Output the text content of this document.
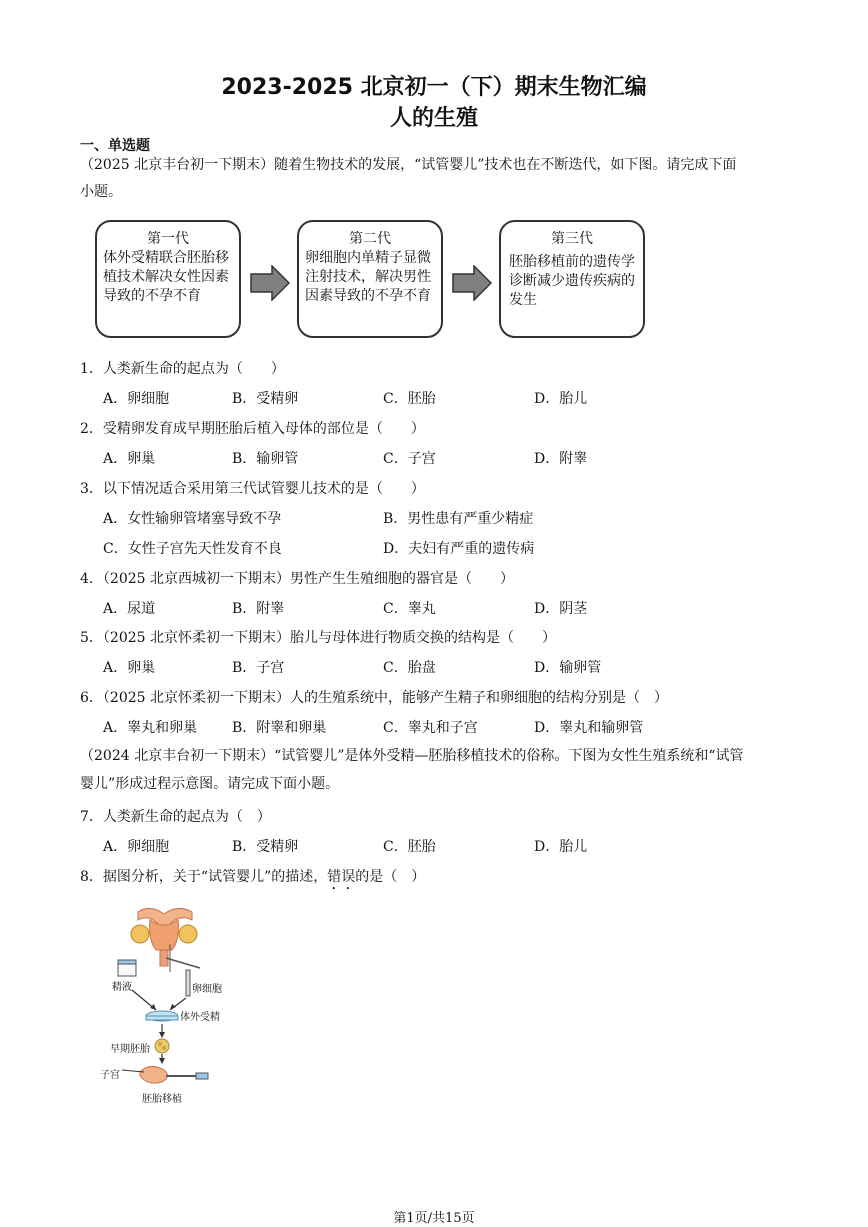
2023-2025 北京初一（下）期末生物汇编
人的生殖
一、单选题
（2025 北京丰台初一下期末）随着生物技术的发展，“试管婴儿”技术也在不断迭代，如下图。请完成下面
小题。
第一代
体外受精联合胚胎移植技术解决女性因素导致的不孕不育
第二代
卵细胞内单精子显微注射技术，解决男性因素导致的不孕不育
第三代
胚胎移植前的遗传学诊断减少遗传疾病的发生
1．人类新生命的起点为（　　）
A．卵细胞	B．受精卵	C．胚胎	D．胎儿
2．受精卵发育成早期胚胎后植入母体的部位是（　　）
A．卵巢	B．输卵管	C．子宫	D．附睾
3．以下情况适合采用第三代试管婴儿技术的是（　　）
A．女性输卵管堵塞导致不孕	B．男性患有严重少精症
C．女性子宫先天性发育不良	D．夫妇有严重的遗传病
4．（2025 北京西城初一下期末）男性产生生殖细胞的器官是（　　）
A．尿道	B．附睾	C．睾丸	D．阴茎
5．（2025 北京怀柔初一下期末）胎儿与母体进行物质交换的结构是（　　）
A．卵巢	B．子宫	C．胎盘	D．输卵管
6．（2025 北京怀柔初一下期末）人的生殖系统中，能够产生精子和卵细胞的结构分别是（　）
A．睾丸和卵巢 B．附睾和卵巢	C．睾丸和子宫	D．睾丸和输卵管
（2024 北京丰台初一下期末）“试管婴儿”是体外受精—胚胎移植技术的俗称。下图为女性生殖系统和“试管
婴儿”形成过程示意图。请完成下面小题。
7．人类新生命的起点为（　）
A．卵细胞	B．受精卵	C．胚胎	D．胎儿
8．据图分析，关于“试管婴儿”的描述，错误的是（　）
精液	卵细胞
体外受精
早期胚胎
子宫
胚胎移植
第1页/共15页
